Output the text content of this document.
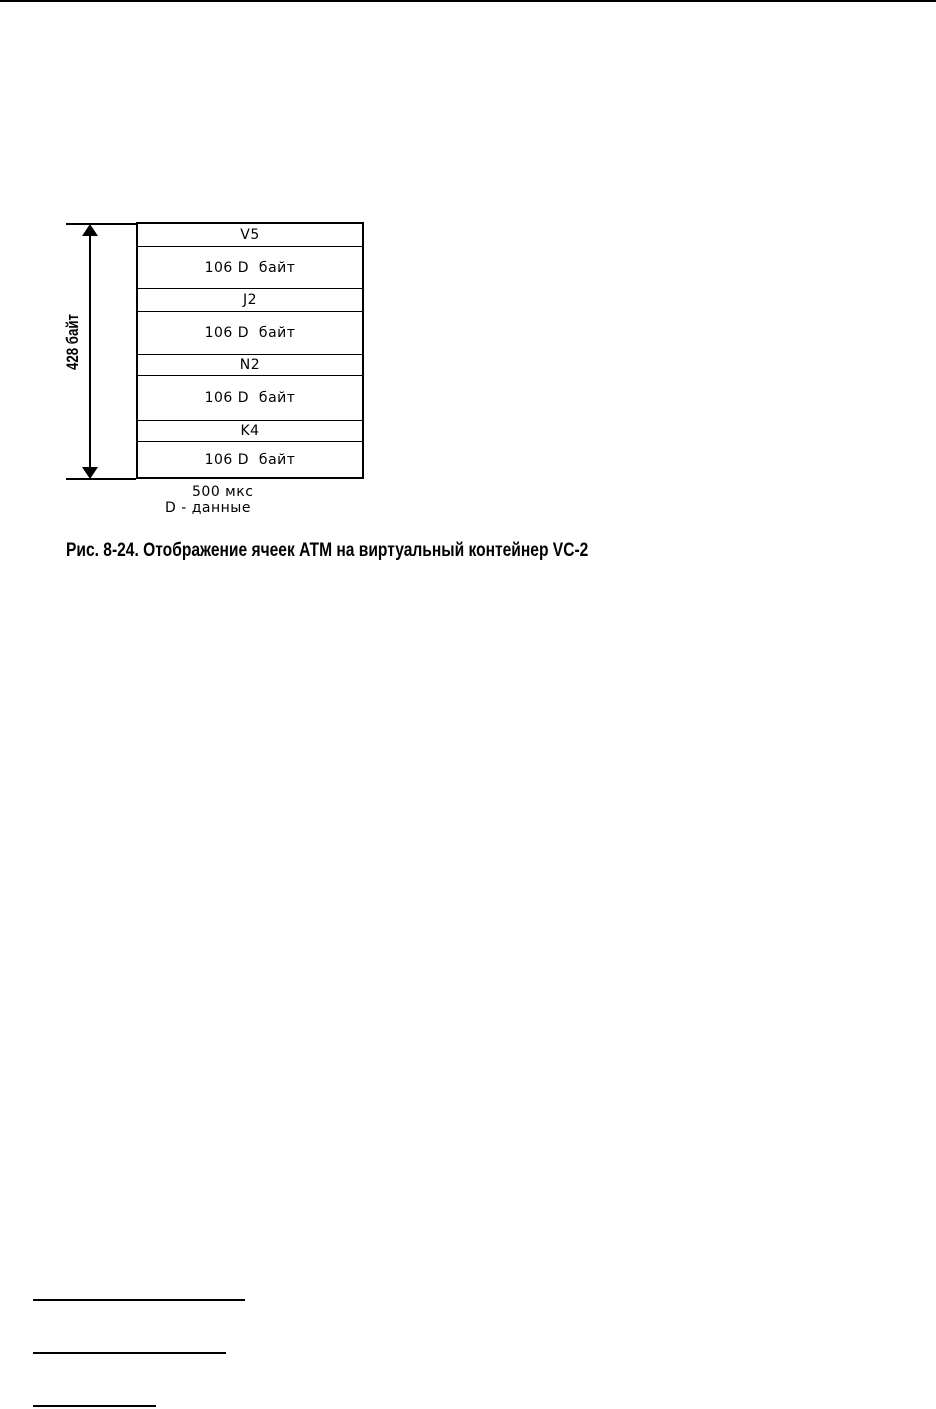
428 байт
V5
106 D  байт
J2
106 D  байт
N2
106 D  байт
K4
106 D  байт
500 мкс
D - данные
Рис. 8-24. Отображение ячеек АТМ на виртуальный контейнер VC-2
